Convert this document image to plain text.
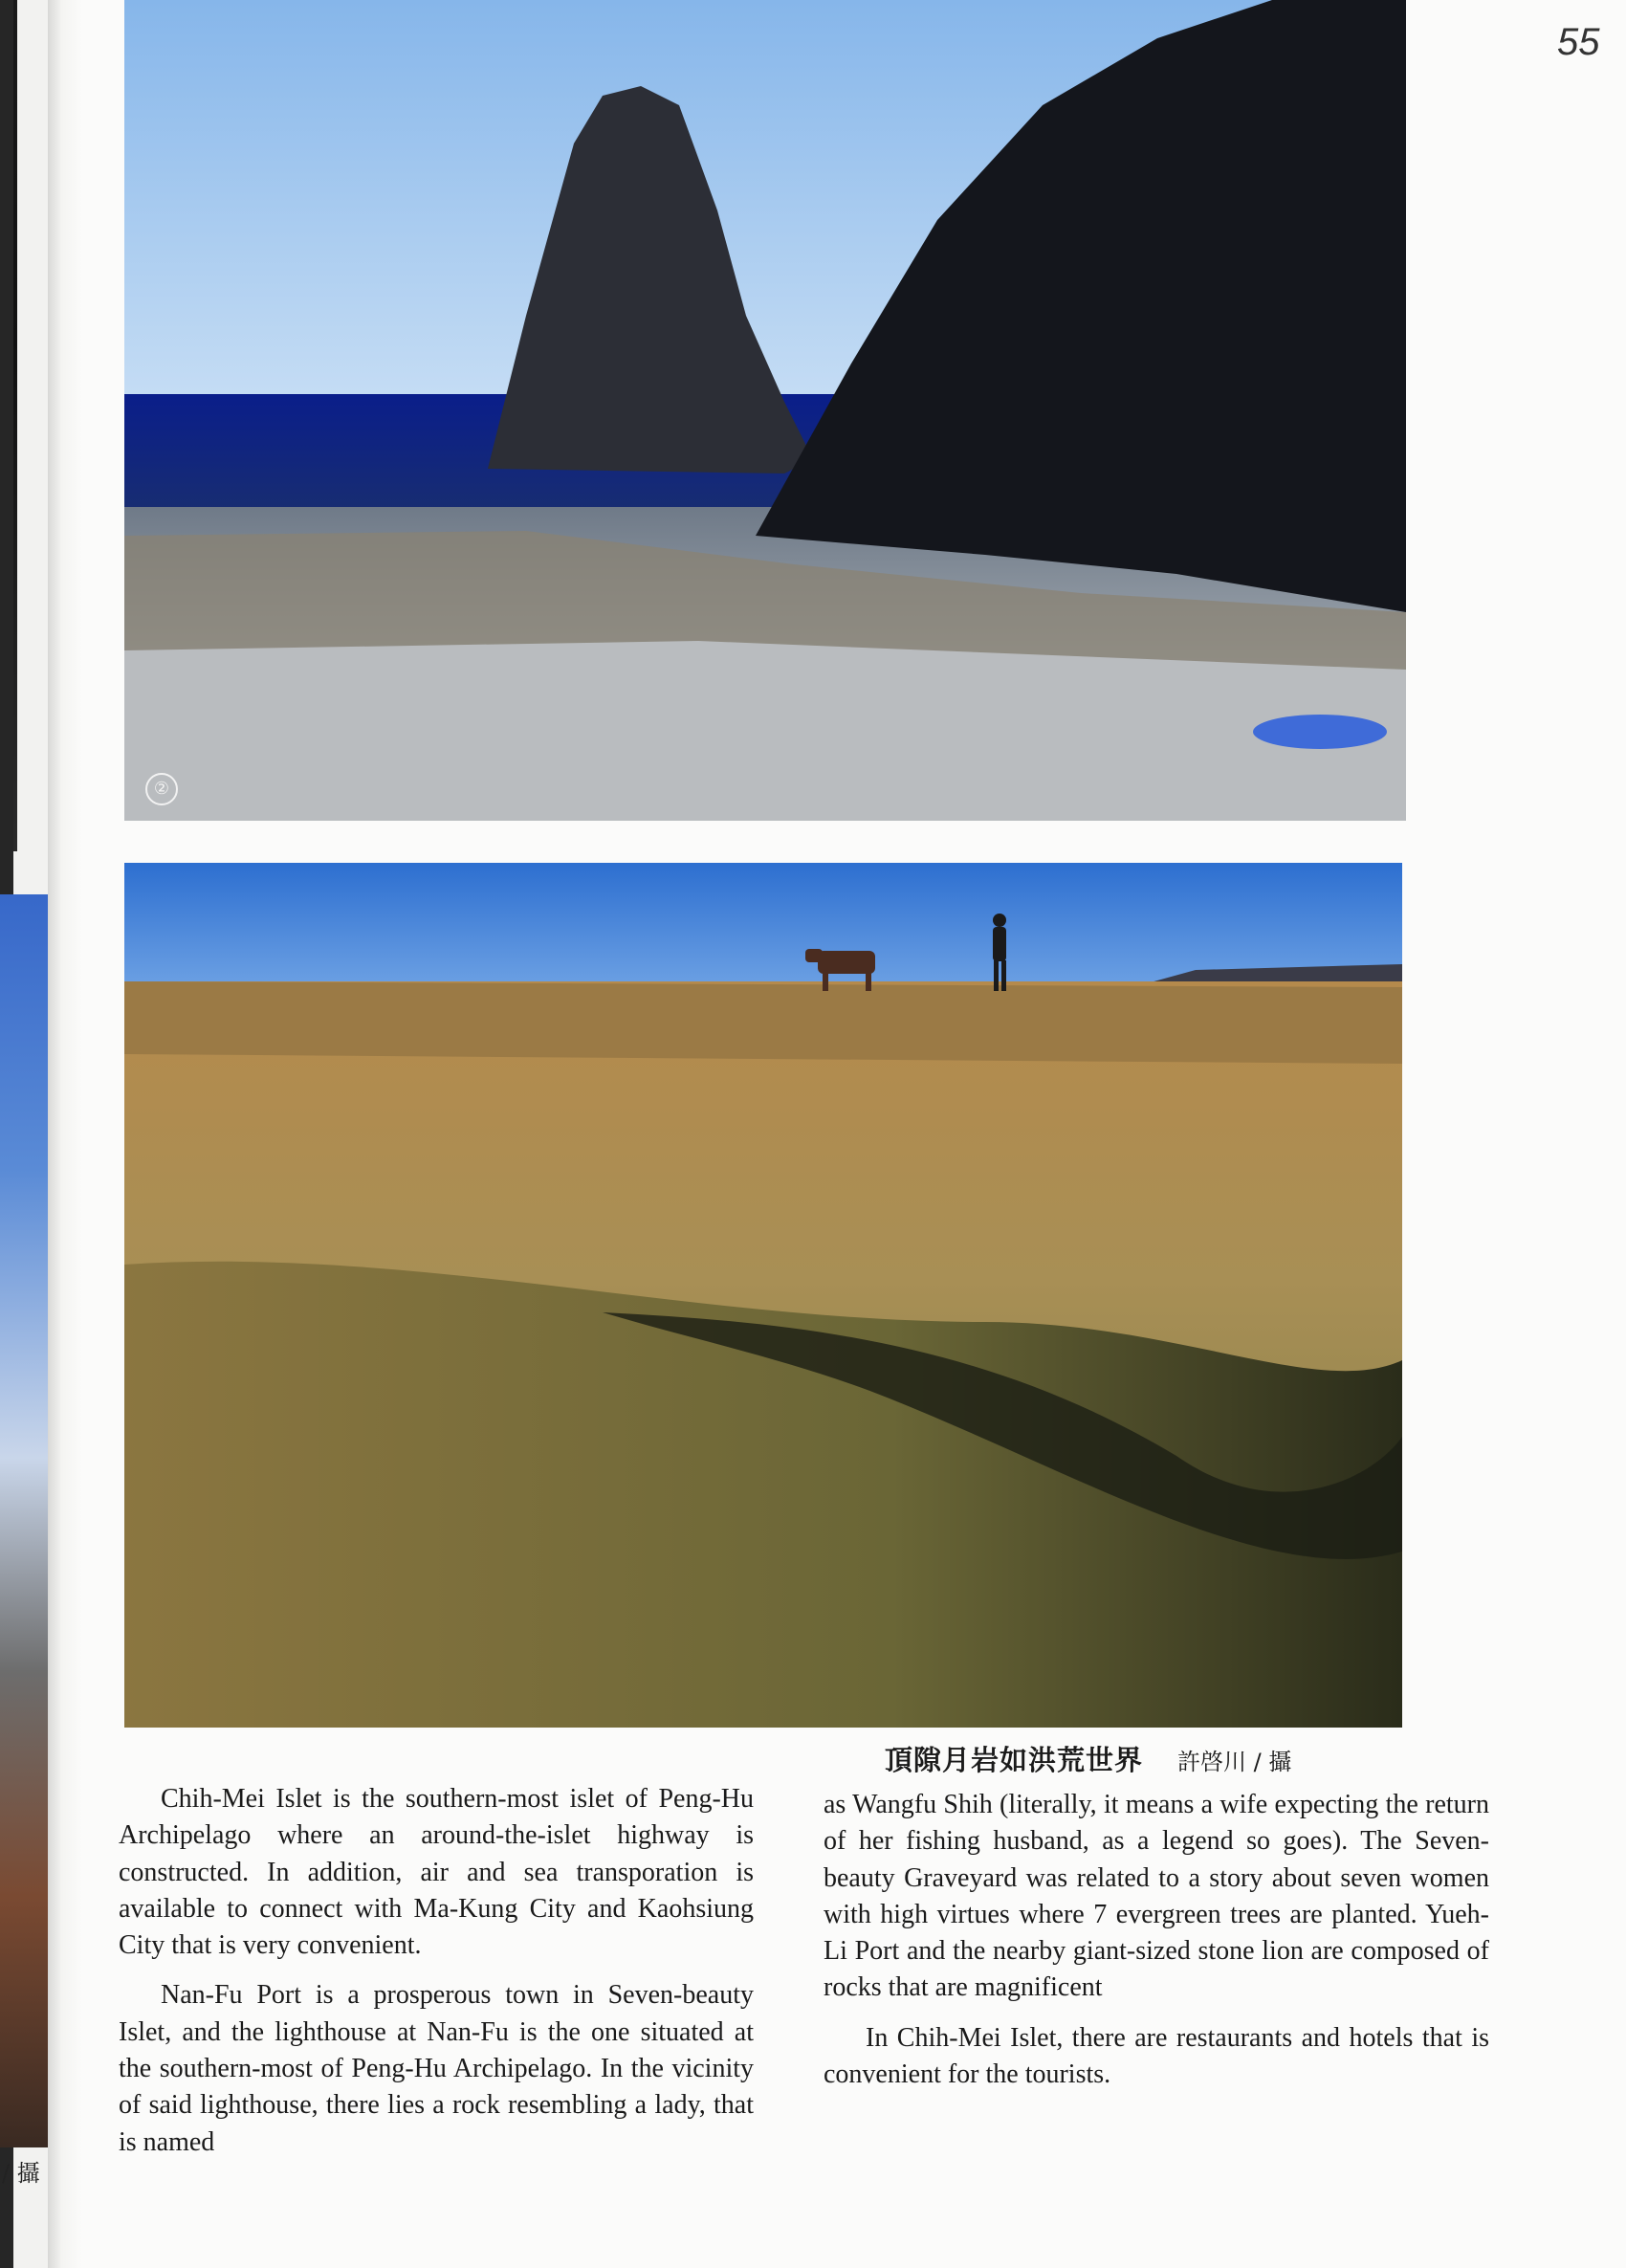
/ 攝
55
②
頂隙月岩如洪荒世界 許啓川 / 攝

Chih-Mei Islet is the southern-most islet of Peng-Hu Archipelago where an around-the-islet highway is constructed. In addition, air and sea transporation is available to connect with Ma-Kung City and Kaohsiung City that is very convenient.

Nan-Fu Port is a prosperous town in Seven-beauty Islet, and the lighthouse at Nan-Fu is the one situated at the southern-most of Peng-Hu Archipelago. In the vicinity of said lighthouse, there lies a rock resembling a lady, that is named

as Wangfu Shih (literally, it means a wife expecting the return of her fishing husband, as a legend so goes). The Seven-beauty Graveyard was related to a story about seven women with high virtues where 7 evergreen trees are planted. Yueh-Li Port and the nearby giant-sized stone lion are composed of rocks that are magnificent

In Chih-Mei Islet, there are restaurants and hotels that is convenient for the tourists.
